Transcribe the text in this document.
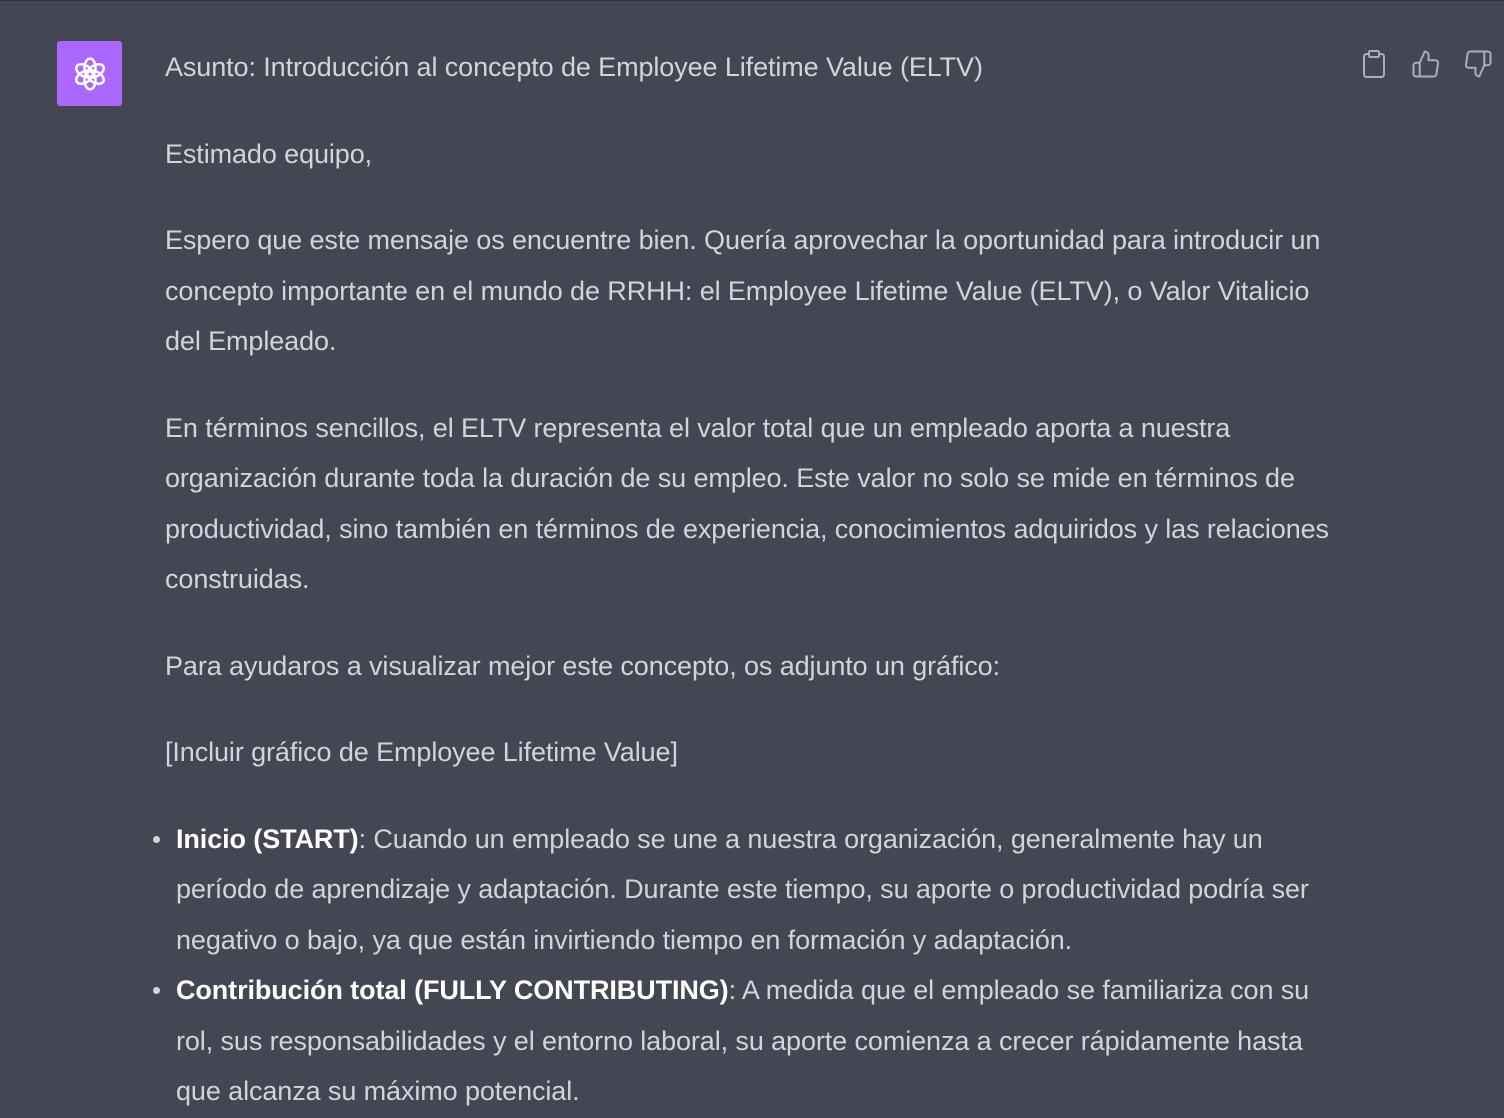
Asunto: Introducción al concepto de Employee Lifetime Value (ELTV)

Estimado equipo,

Espero que este mensaje os encuentre bien. Quería aprovechar la oportunidad para introducir un concepto importante en el mundo de RRHH: el Employee Lifetime Value (ELTV), o Valor Vitalicio del Empleado.

En términos sencillos, el ELTV representa el valor total que un empleado aporta a nuestra organización durante toda la duración de su empleo. Este valor no solo se mide en términos de productividad, sino también en términos de experiencia, conocimientos adquiridos y las relaciones construidas.

Para ayudaros a visualizar mejor este concepto, os adjunto un gráfico:

[Incluir gráfico de Employee Lifetime Value]

Inicio (START): Cuando un empleado se une a nuestra organización, generalmente hay un período de aprendizaje y adaptación. Durante este tiempo, su aporte o productividad podría ser negativo o bajo, ya que están invirtiendo tiempo en formación y adaptación.
Contribución total (FULLY CONTRIBUTING): A medida que el empleado se familiariza con su rol, sus responsabilidades y el entorno laboral, su aporte comienza a crecer rápidamente hasta que alcanza su máximo potencial.
